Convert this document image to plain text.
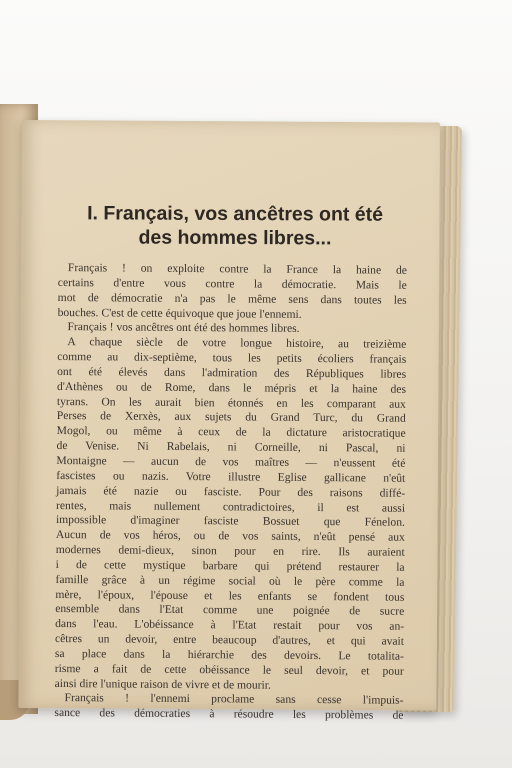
I. Français, vos ancêtres ont été
des hommes libres...
Français ! on exploite contre la France la haine de
certains d'entre vous contre la démocratie. Mais le
mot de démocratie n'a pas le même sens dans toutes les
bouches. C'est de cette équivoque que joue l'ennemi.
Français ! vos ancêtres ont été des hommes libres.
A chaque siècle de votre longue histoire, au treizième
comme au dix-septième, tous les petits écoliers français
ont été élevés dans l'admiration des Républiques libres
d'Athènes ou de Rome, dans le mépris et la haine des
tyrans. On les aurait bien étonnés en les comparant aux
Perses de Xerxès, aux sujets du Grand Turc, du Grand
Mogol, ou même à ceux de la dictature aristocratique
de Venise. Ni Rabelais, ni Corneille, ni Pascal, ni
Montaigne — aucun de vos maîtres — n'eussent été
fascistes ou nazis. Votre illustre Eglise gallicane n'eût
jamais été nazie ou fasciste. Pour des raisons diffé-
rentes, mais nullement contradictoires, il est aussi
impossible d'imaginer fasciste Bossuet que Fénelon.
Aucun de vos héros, ou de vos saints, n'eût pensé aux
modernes demi-dieux, sinon pour en rire. Ils auraient
i de cette mystique barbare qui prétend restaurer la
famille grâce à un régime social où le père comme la
mère, l'époux, l'épouse et les enfants se fondent tous
ensemble dans l'Etat comme une poignée de sucre
dans l'eau. L'obéissance à l'Etat restait pour vos an-
cêtres un devoir, entre beaucoup d'autres, et qui avait
sa place dans la hiérarchie des devoirs. Le totalita-
risme a fait de cette obéissance le seul devoir, et pour
ainsi dire l'unique raison de vivre et de mourir.
Français ! l'ennemi proclame sans cesse l'impuis-
sance des démocraties à résoudre les problèmes de
